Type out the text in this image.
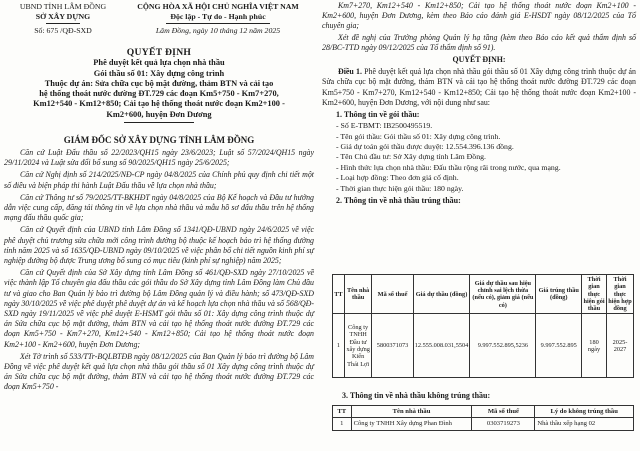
UBND TỈNH LÂM ĐỒNG
SỞ XÂY DỰNG
Số: 675 /QĐ-SXD
CỘNG HÒA XÃ HỘI CHỦ NGHĨA VIỆT NAM
Độc lập - Tự do - Hạnh phúc
Lâm Đồng, ngày 10 tháng 12 năm 2025
QUYẾT ĐỊNH
Phê duyệt kết quả lựa chọn nhà thầu
Gói thầu số 01: Xây dựng công trình
Thuộc dự án: Sửa chữa cục bộ mặt đường, thảm BTN và cải tạo
hệ thống thoát nước đường ĐT.729 các đoạn Km5+750 - Km7+270,
Km12+540 - Km12+850; Cải tạo hệ thống thoát nước đoạn Km2+100 -
Km2+600, huyện Đơn Dương
GIÁM ĐỐC SỞ XÂY DỰNG TỈNH LÂM ĐỒNG

Căn cứ Luật Đấu thầu số 22/2023/QH15 ngày 23/6/2023; Luật số 57/2024/QH15 ngày 29/11/2024 và Luật sửa đổi bổ sung số 90/2025/QH15 ngày 25/6/2025;

Căn cứ Nghị định số 214/2025/NĐ-CP ngày 04/8/2025 của Chính phủ quy định chi tiết một số điều và biện pháp thi hành Luật Đấu thầu về lựa chọn nhà thầu;

Căn cứ Thông tư số 79/2025/TT-BKHĐT ngày 04/8/2025 của Bộ Kế hoạch và Đầu tư hướng dẫn việc cung cấp, đăng tải thông tin về lựa chọn nhà thầu và mẫu hồ sơ đấu thầu trên hệ thống mạng đấu thầu quốc gia;

Căn cứ Quyết định của UBND tỉnh Lâm Đồng số 1341/QĐ-UBND ngày 24/6/2025 về việc phê duyệt chủ trương sửa chữa mới công trình đường bộ thuộc kế hoạch bảo trì hệ thống đường tỉnh năm 2025 và số 1635/QĐ-UBND ngày 09/10/2025 về việc phân bổ chi tiết nguồn kinh phí sự nghiệp đường bộ được Trung ương bổ sung có mục tiêu (kinh phí sự nghiệp) năm 2025;

Căn cứ Quyết định của Sở Xây dựng tỉnh Lâm Đồng số 461/QĐ-SXD ngày 27/10/2025 về việc thành lập Tổ chuyên gia đấu thầu các gói thầu do Sở Xây dựng tỉnh Lâm Đồng làm Chủ đầu tư và giao cho Ban Quản lý bảo trì đường bộ Lâm Đồng quản lý và điều hành; số 473/QĐ-SXD ngày 30/10/2025 về việc phê duyệt phê duyệt dự án và kế hoạch lựa chọn nhà thầu và số 568/QĐ-SXD ngày 19/11/2025 về việc phê duyệt E-HSMT gói thầu số 01: Xây dựng công trình thuộc dự án Sửa chữa cục bộ mặt đường, thảm BTN và cải tạo hệ thống thoát nước đường ĐT.729 các đoạn Km5+750 - Km7+270, Km12+540 - Km12+850; Cải tạo hệ thống thoát nước đoạn Km2+100 - Km2+600, huyện Đơn Dương;

Xét Tờ trình số 533/TTr-BQLBTĐB ngày 08/12/2025 của Ban Quản lý bảo trì đường bộ Lâm Đồng về việc phê duyệt kết quả lựa chọn nhà thầu gói thầu số 01 Xây dựng công trình thuộc dự án Sửa chữa cục bộ mặt đường, thảm BTN và cải tạo hệ thống thoát nước đường ĐT.729 các đoạn Km5+750 -

Km7+270, Km12+540 - Km12+850; Cải tạo hệ thống thoát nước đoạn Km2+100 - Km2+600, huyện Đơn Dương, kèm theo Báo cáo đánh giá E-HSDT ngày 08/12/2025 của Tổ chuyên gia;

Xét đề nghị của Trưởng phòng Quản lý hạ tầng (kèm theo Báo cáo kết quả thẩm định số 28/BC-TTD ngày 09/12/2025 của Tổ thẩm định số 91).

QUYẾT ĐỊNH:

Điều 1. Phê duyệt kết quả lựa chọn nhà thầu gói thầu số 01 Xây dựng công trình thuộc dự án Sửa chữa cục bộ mặt đường, thảm BTN và cải tạo hệ thống thoát nước đường ĐT.729 các đoạn Km5+750 - Km7+270, Km12+540 - Km12+850; Cải tạo hệ thống thoát nước đoạn Km2+100 - Km2+600, huyện Đơn Dương, với nội dung như sau:

1. Thông tin về gói thầu:

- Số E-TBMT: IB2500495519.

- Tên gói thầu: Gói thầu số 01: Xây dựng công trình.

- Giá dự toán gói thầu được duyệt: 12.554.396.136 đồng.

- Tên Chủ đầu tư: Sở Xây dựng tỉnh Lâm Đồng.

- Hình thức lựa chọn nhà thầu: Đấu thầu rộng rãi trong nước, qua mạng.

- Loại hợp đồng: Theo đơn giá cố định.

- Thời gian thực hiện gói thầu: 180 ngày.

2. Thông tin về nhà thầu trúng thầu:

TT	Tên nhà thầu	Mã số thuế	Giá dự thầu (đồng)	Giá dự thầu sau hiệu chỉnh sai lệch thừa (nếu có), giảm giá (nếu có)	Giá trúng thầu (đồng)	Thời gian thực hiện gói thầu	Thời gian thực hiện hợp đồng
1	Công ty TNHH Đầu tư xây dựng Kiến Thái Lợi	5800371073	12.555.008.031,5504	9.997.552.895,5236	9.997.552.895	180 ngày	2025-2027
3. Thông tin về nhà thầu không trúng thầu:
TT	Tên nhà thầu	Mã số thuế	Lý do không trúng thầu
1	Công ty TNHH Xây dựng Phan Đình	0303719273	Nhà thầu xếp hạng 02
